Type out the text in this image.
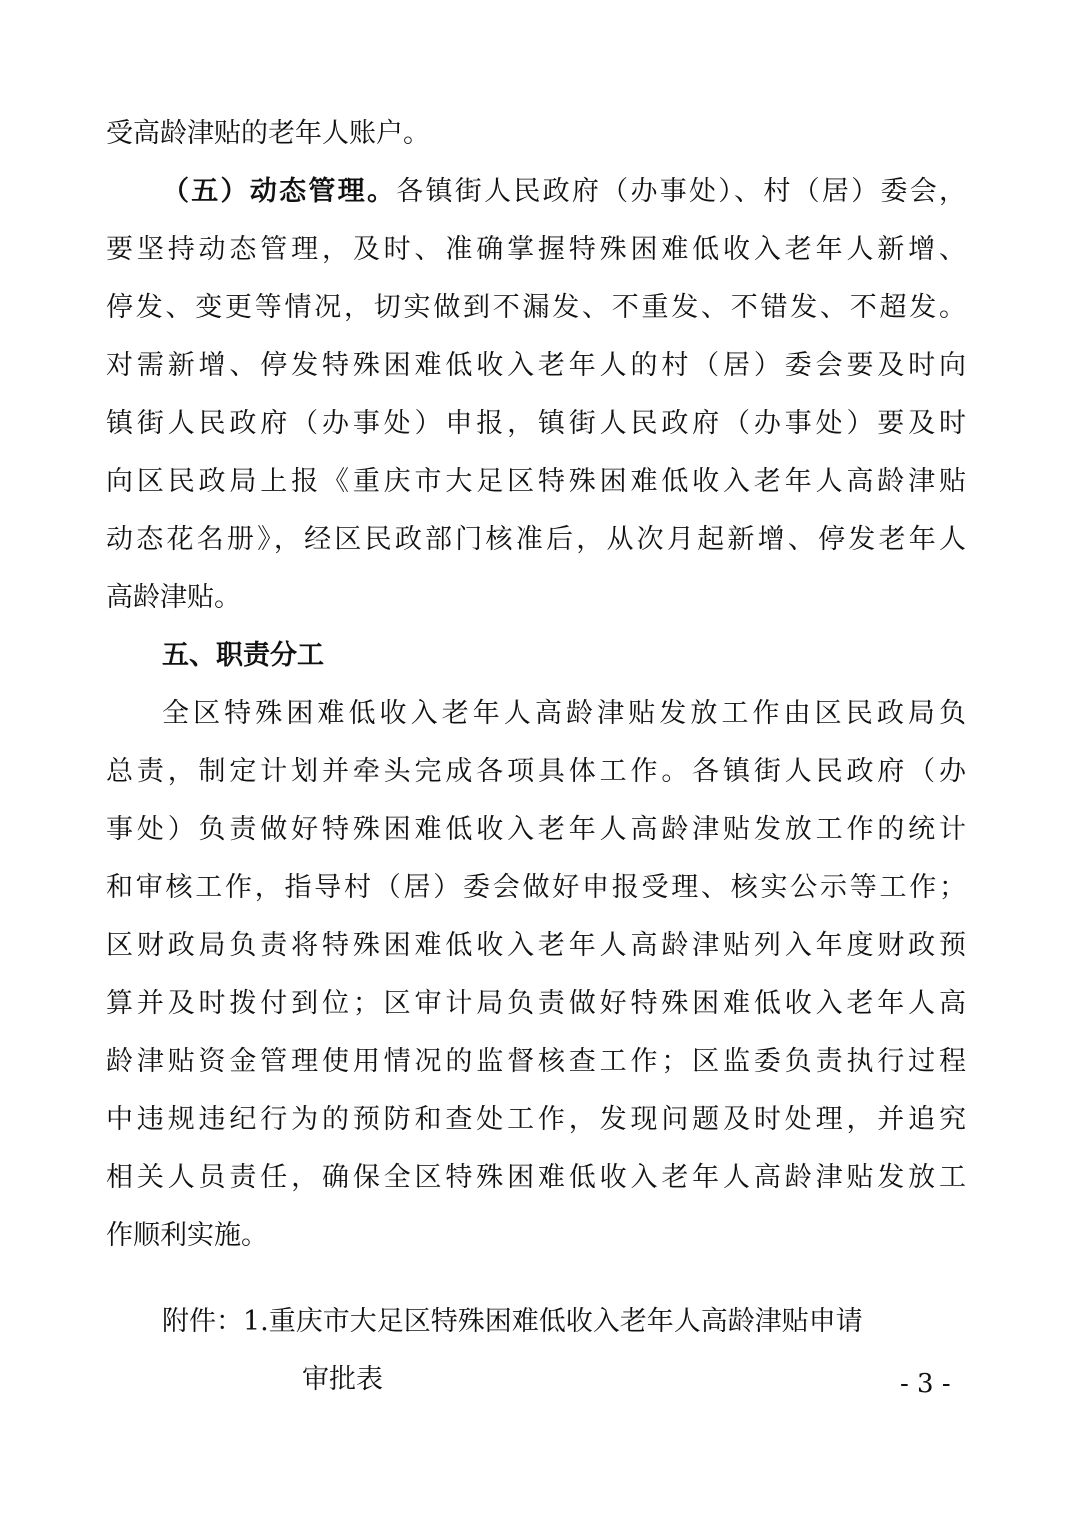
受高龄津贴的老年人账户。
（五）动态管理。各镇街人民政府（办事处）、村（居）委会，
要坚持动态管理，及时、准确掌握特殊困难低收入老年人新增、
停发、变更等情况，切实做到不漏发、不重发、不错发、不超发。
对需新增、停发特殊困难低收入老年人的村（居）委会要及时向
镇街人民政府（办事处）申报，镇街人民政府（办事处）要及时
向区民政局上报《重庆市大足区特殊困难低收入老年人高龄津贴
动态花名册》，经区民政部门核准后，从次月起新增、停发老年人
高龄津贴。
五、职责分工
全区特殊困难低收入老年人高龄津贴发放工作由区民政局负
总责，制定计划并牵头完成各项具体工作。各镇街人民政府（办
事处）负责做好特殊困难低收入老年人高龄津贴发放工作的统计
和审核工作，指导村（居）委会做好申报受理、核实公示等工作；
区财政局负责将特殊困难低收入老年人高龄津贴列入年度财政预
算并及时拨付到位；区审计局负责做好特殊困难低收入老年人高
龄津贴资金管理使用情况的监督核查工作；区监委负责执行过程
中违规违纪行为的预防和查处工作，发现问题及时处理，并追究
相关人员责任，确保全区特殊困难低收入老年人高龄津贴发放工
作顺利实施。
附件：1.重庆市大足区特殊困难低收入老年人高龄津贴申请
审批表	- 3 -
